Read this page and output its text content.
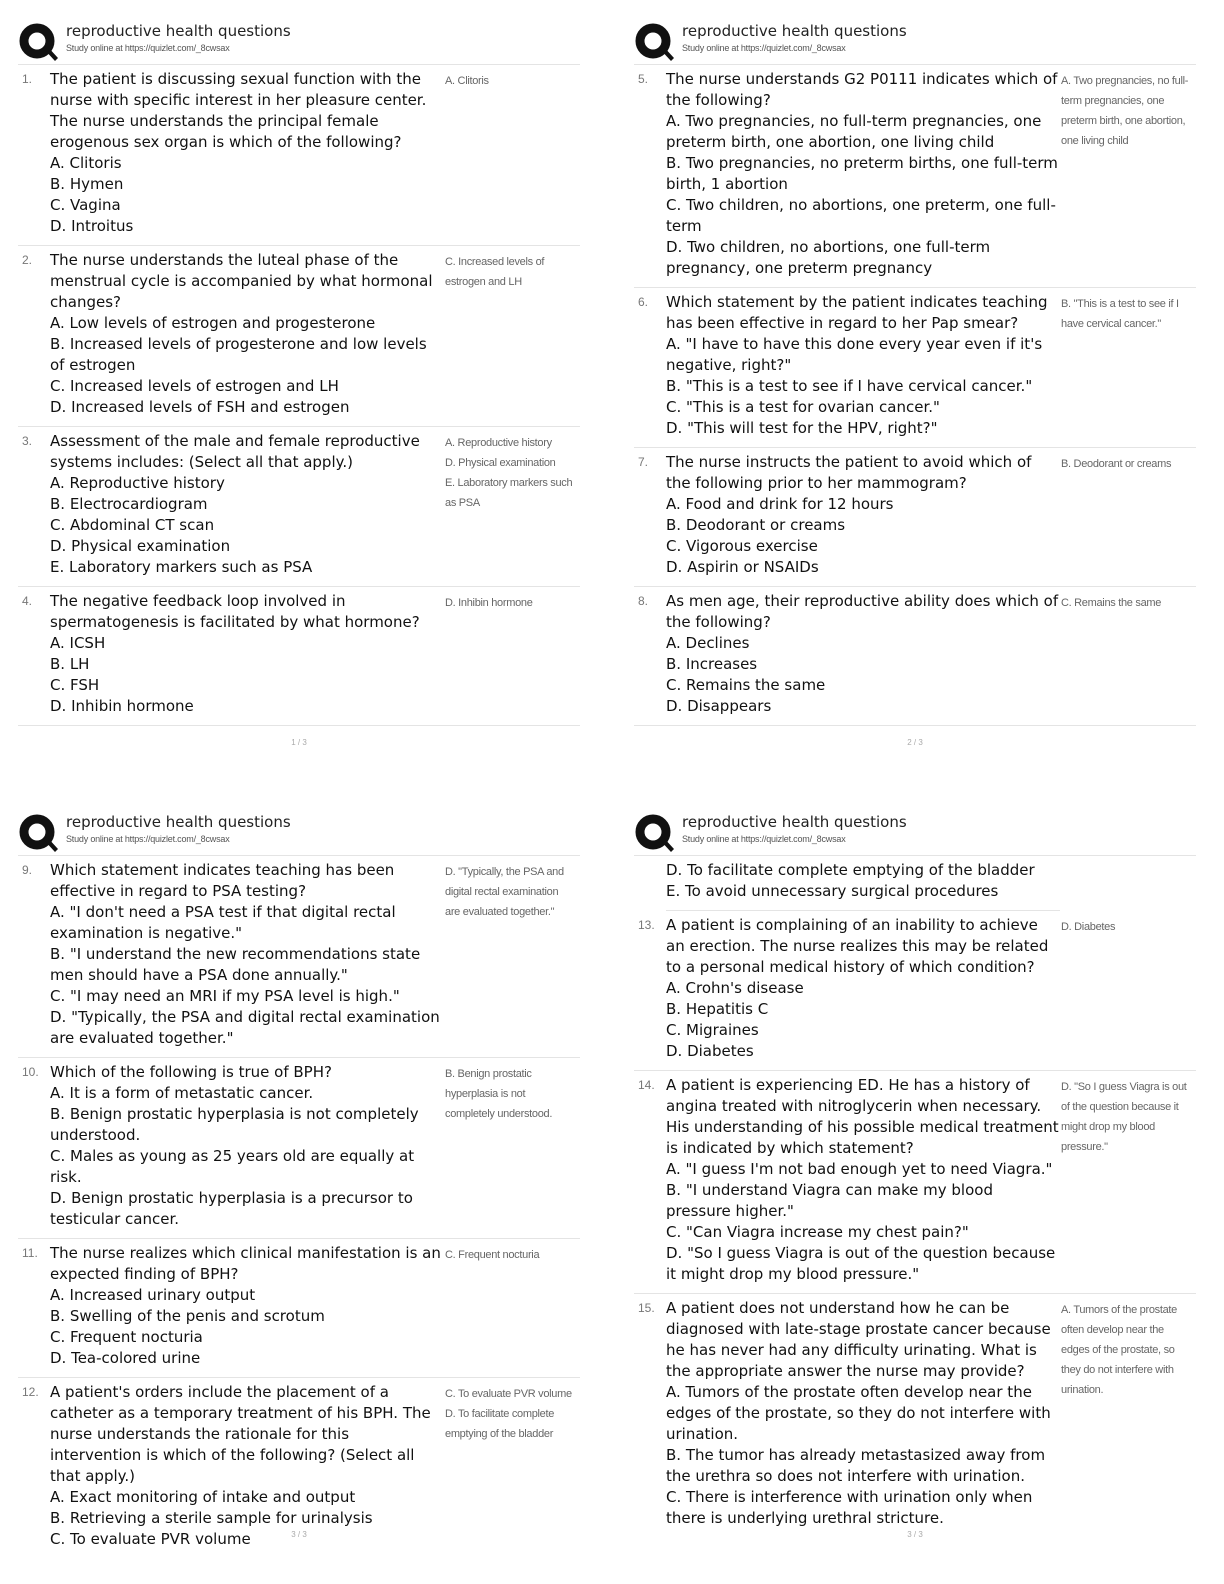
reproductive health questions
Study online at https://quizlet.com/_8cwsax
1. The patient is discussing sexual function with the nurse with specific interest in her pleasure center. The nurse understands the principal female erogenous sex organ is which of the following?
A. Clitoris
B. Hymen
C. Vagina
D. Introitus
A. Clitoris
2. The nurse understands the luteal phase of the menstrual cycle is accompanied by what hormonal changes?
A. Low levels of estrogen and progesterone
B. Increased levels of progesterone and low levels of estrogen
C. Increased levels of estrogen and LH
D. Increased levels of FSH and estrogen
C. Increased levels of estrogen and LH
3. Assessment of the male and female reproductive systems includes: (Select all that apply.)
A. Reproductive history
B. Electrocardiogram
C. Abdominal CT scan
D. Physical examination
E. Laboratory markers such as PSA
A. Reproductive history
D. Physical examination
E. Laboratory markers such as PSA
4. The negative feedback loop involved in spermatogenesis is facilitated by what hormone?
A. ICSH
B. LH
C. FSH
D. Inhibin hormone
D. Inhibin hormone
1 / 3
reproductive health questions
Study online at https://quizlet.com/_8cwsax
5. The nurse understands G2 P0111 indicates which of the following?
A. Two pregnancies, no full-term pregnancies, one preterm birth, one abortion, one living child
B. Two pregnancies, no preterm births, one full-term birth, 1 abortion
C. Two children, no abortions, one preterm, one full-term
D. Two children, no abortions, one full-term pregnancy, one preterm pregnancy
A. Two pregnancies, no full-term pregnancies, one preterm birth, one abortion, one living child
6. Which statement by the patient indicates teaching has been effective in regard to her Pap smear?
A. "I have to have this done every year even if it's negative, right?"
B. "This is a test to see if I have cervical cancer."
C. "This is a test for ovarian cancer."
D. "This will test for the HPV, right?"
B. "This is a test to see if I have cervical cancer."
7. The nurse instructs the patient to avoid which of the following prior to her mammogram?
A. Food and drink for 12 hours
B. Deodorant or creams
C. Vigorous exercise
D. Aspirin or NSAIDs
B. Deodorant or creams
8. As men age, their reproductive ability does which of the following?
A. Declines
B. Increases
C. Remains the same
D. Disappears
C. Remains the same
2 / 3
reproductive health questions
Study online at https://quizlet.com/_8cwsax
9. Which statement indicates teaching has been effective in regard to PSA testing?
A. "I don't need a PSA test if that digital rectal examination is negative."
B. "I understand the new recommendations state men should have a PSA done annually."
C. "I may need an MRI if my PSA level is high."
D. "Typically, the PSA and digital rectal examination are evaluated together."
D. "Typically, the PSA and digital rectal examination are evaluated together."
10. Which of the following is true of BPH?
A. It is a form of metastatic cancer.
B. Benign prostatic hyperplasia is not completely understood.
C. Males as young as 25 years old are equally at risk.
D. Benign prostatic hyperplasia is a precursor to testicular cancer.
B. Benign prostatic hyperplasia is not completely understood.
11. The nurse realizes which clinical manifestation is an expected finding of BPH?
A. Increased urinary output
B. Swelling of the penis and scrotum
C. Frequent nocturia
D. Tea-colored urine
C. Frequent nocturia
12. A patient's orders include the placement of a catheter as a temporary treatment of his BPH. The nurse understands the rationale for this intervention is which of the following? (Select all that apply.)
A. Exact monitoring of intake and output
B. Retrieving a sterile sample for urinalysis
C. To evaluate PVR volume
C. To evaluate PVR volume
D. To facilitate complete emptying of the bladder
3 / 3
reproductive health questions
Study online at https://quizlet.com/_8cwsax
D. To facilitate complete emptying of the bladder
E. To avoid unnecessary surgical procedures
13. A patient is complaining of an inability to achieve an erection. The nurse realizes this may be related to a personal medical history of which condition?
A. Crohn's disease
B. Hepatitis C
C. Migraines
D. Diabetes
D. Diabetes
14. A patient is experiencing ED. He has a history of angina treated with nitroglycerin when necessary. His understanding of his possible medical treatment is indicated by which statement?
A. "I guess I'm not bad enough yet to need Viagra."
B. "I understand Viagra can make my blood pressure higher."
C. "Can Viagra increase my chest pain?"
D. "So I guess Viagra is out of the question because it might drop my blood pressure."
D. "So I guess Viagra is out of the question because it might drop my blood pressure."
15. A patient does not understand how he can be diagnosed with late-stage prostate cancer because he has never had any difficulty urinating. What is the appropriate answer the nurse may provide?
A. Tumors of the prostate often develop near the edges of the prostate, so they do not interfere with urination.
B. The tumor has already metastasized away from the urethra so does not interfere with urination.
C. There is interference with urination only when there is underlying urethral stricture.
A. Tumors of the prostate often develop near the edges of the prostate, so they do not interfere with urination.
3 / 3
